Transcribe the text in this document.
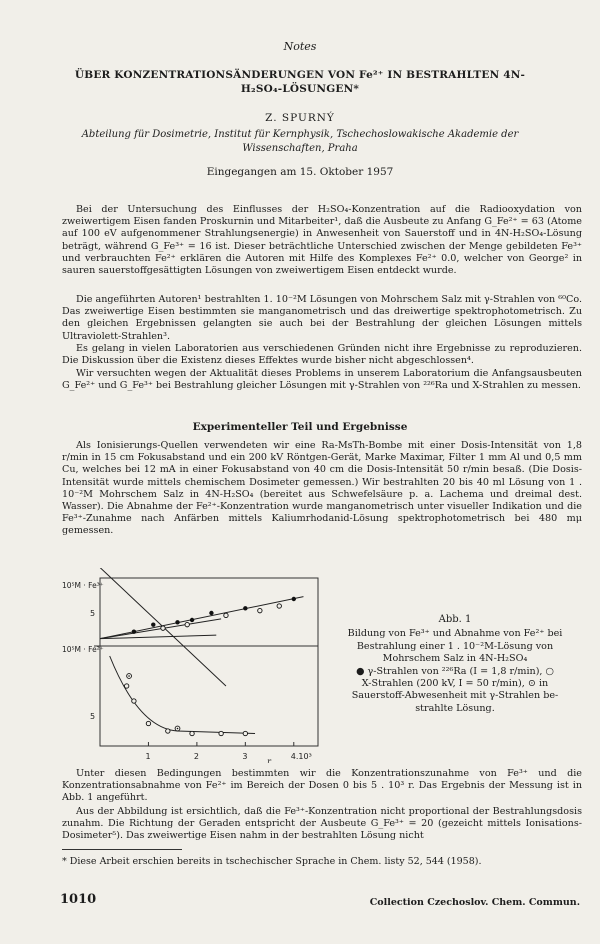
Notes
ÜBER KONZENTRATIONSÄNDERUNGEN VON Fe²⁺ IN BESTRAHLTEN 4N-H₂SO₄-LÖSUNGEN*
Z. SPURNÝ
Abteilung für Dosimetrie, Institut für Kernphysik, Tschechoslowakische Akademie der Wissenschaften, Praha
Eingegangen am 15. Oktober 1957

Bei der Untersuchung des Einflusses der H₂SO₄-Konzentration auf die Radiooxydation von zweiwertigem Eisen fanden Proskurnin und Mitarbeiter¹, daß die Ausbeute zu Anfang G_Fe²⁺ = 63 (Atome auf 100 eV aufgenommener Strahlungsenergie) in Anwesenheit von Sauerstoff und in 4N-H₂SO₄-Lösung beträgt, während G_Fe³⁺ = 16 ist. Dieser beträchtliche Unterschied zwischen der Menge gebildeten Fe³⁺ und verbrauchten Fe²⁺ erklären die Autoren mit Hilfe des Komplexes Fe²⁺ 0.0, welcher von George² in sauren sauerstoffgesättigten Lösungen von zweiwertigem Eisen entdeckt wurde.

Die angeführten Autoren¹ bestrahlten 1. 10⁻²M Lösungen von Mohrschem Salz mit γ-Strahlen von ⁶⁰Co. Das zweiwertige Eisen bestimmten sie manganometrisch und das dreiwertige spektrophotometrisch. Zu den gleichen Ergebnissen gelangten sie auch bei der Bestrahlung der gleichen Lösungen mittels Ultraviolett-Strahlen³.

Es gelang in vielen Laboratorien aus verschiedenen Gründen nicht ihre Ergebnisse zu reproduzieren. Die Diskussion über die Existenz dieses Effektes wurde bisher nicht abgeschlossen⁴.

Wir versuchten wegen der Aktualität dieses Problems in unserem Laboratorium die Anfangsausbeuten G_Fe²⁺ und G_Fe³⁺ bei Bestrahlung gleicher Lösungen mit γ-Strahlen von ²²⁶Ra und X-Strahlen zu messen.

Experimenteller Teil und Ergebnisse

Als Ionisierungs-Quellen verwendeten wir eine Ra-MsTh-Bombe mit einer Dosis-Intensität von 1,8 r/min in 15 cm Fokusabstand und ein 200 kV Röntgen-Gerät, Marke Maximar, Filter 1 mm Al und 0,5 mm Cu, welches bei 12 mA in einer Fokusabstand von 40 cm die Dosis-Intensität 50 r/min besaß. (Die Dosis-Intensität wurde mittels chemischem Dosimeter gemessen.) Wir bestrahlten 20 bis 40 ml Lösung von 1 . 10⁻²M Mohrschem Salz in 4N-H₂SO₄ (bereitet aus Schwefelsäure p. a. Lachema und dreimal dest. Wasser). Die Abnahme der Fe²⁺-Konzentration wurde manganometrisch unter visueller Indikation und die Fe³⁺-Zunahme nach Anfärben mittels Kaliumrhodanid-Lösung spektrophotometrisch bei 480 mμ gemessen.

1	2	3	4.10³
r
10⁵M · Fe³⁺
10⁵M · Fe²⁺
5
5
Abb. 1
Bildung von Fe³⁺ und Abnahme von Fe²⁺ bei
Bestrahlung einer 1 . 10⁻²M-Lösung von
Mohrschem Salz in 4N-H₂SO₄
● γ-Strahlen von ²²⁶Ra (I = 1,8 r/min), ○
X-Strahlen (200 kV, I = 50 r/min), ⊙ in
Sauerstoff-Abwesenheit mit γ-Strahlen be-
strahlte Lösung.

Unter diesen Bedingungen bestimmten wir die Konzentrationszunahme von Fe³⁺ und die Konzentrationsabnahme von Fe²⁺ im Bereich der Dosen 0 bis 5 . 10³ r. Das Ergebnis der Messung ist in Abb. 1 angeführt.

Aus der Abbildung ist ersichtlich, daß die Fe³⁺-Konzentration nicht proportional der Bestrahlungsdosis zunahm. Die Richtung der Geraden entspricht der Ausbeute G_Fe³⁺ = 20 (gezeicht mittels Ionisations-Dosimeter⁵). Das zweiwertige Eisen nahm in der bestrahlten Lösung nicht

* Diese Arbeit erschien bereits in tschechischer Sprache in Chem. listy 52, 544 (1958).
1010	Collection Czechoslov. Chem. Commun.
